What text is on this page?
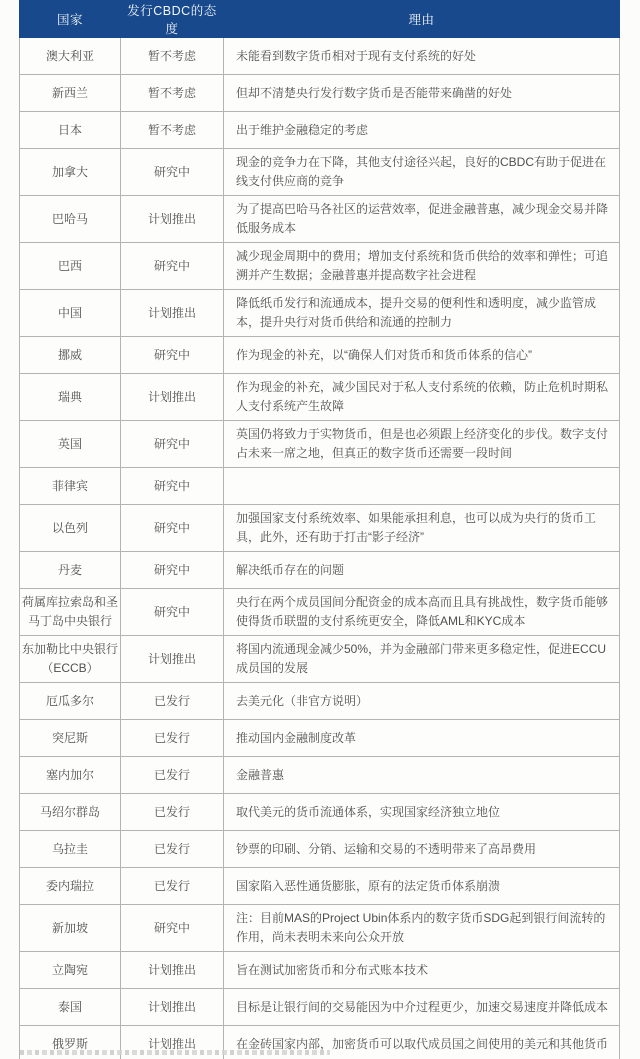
国家	发行CBDC的态度	理由
澳大利亚	暂不考虑	未能看到数字货币相对于现有支付系统的好处
新西兰	暂不考虑	但却不清楚央行发行数字货币是否能带来确凿的好处
日本	暂不考虑	出于维护金融稳定的考虑
加拿大	研究中	现金的竞争力在下降，其他支付途径兴起，良好的CBDC有助于促进在线支付供应商的竞争
巴哈马	计划推出	为了提高巴哈马各社区的运营效率，促进金融普惠，减少现金交易并降低服务成本
巴西	研究中	减少现金周期中的费用；增加支付系统和货币供给的效率和弹性；可追溯并产生数据；金融普惠并提高数字社会进程
中国	计划推出	降低纸币发行和流通成本，提升交易的便利性和透明度，减少监管成本，提升央行对货币供给和流通的控制力
挪威	研究中	作为现金的补充，以“确保人们对货币和货币体系的信心”
瑞典	计划推出	作为现金的补充，减少国民对于私人支付系统的依赖，防止危机时期私人支付系统产生故障
英国	研究中	英国仍将致力于实物货币，但是也必须跟上经济变化的步伐。数字支付占未来一席之地，但真正的数字货币还需要一段时间
菲律宾	研究中	
以色列	研究中	加强国家支付系统效率、如果能承担利息，也可以成为央行的货币工具，此外，还有助于打击“影子经济”
丹麦	研究中	解决纸币存在的问题
荷属库拉索岛和圣马丁岛中央银行	研究中	央行在两个成员国间分配资金的成本高而且具有挑战性，数字货币能够使得货币联盟的支付系统更安全，降低AML和KYC成本
东加勒比中央银行（ECCB）	计划推出	将国内流通现金减少50%，并为金融部门带来更多稳定性，促进ECCU成员国的发展
厄瓜多尔	已发行	去美元化（非官方说明）
突尼斯	已发行	推动国内金融制度改革
塞内加尔	已发行	金融普惠
马绍尔群岛	已发行	取代美元的货币流通体系，实现国家经济独立地位
乌拉圭	已发行	钞票的印刷、分销、运输和交易的不透明带来了高昂费用
委内瑞拉	已发行	国家陷入恶性通货膨胀，原有的法定货币体系崩溃
新加坡	研究中	注：目前MAS的Project Ubin体系内的数字货币SDG起到银行间流转的作用，尚未表明未来向公众开放
立陶宛	计划推出	旨在测试加密货币和分布式账本技术
泰国	计划推出	目标是让银行间的交易能因为中介过程更少，加速交易速度并降低成本
俄罗斯	计划推出	在金砖国家内部，加密货币可以取代成员国之间使用的美元和其他货币
